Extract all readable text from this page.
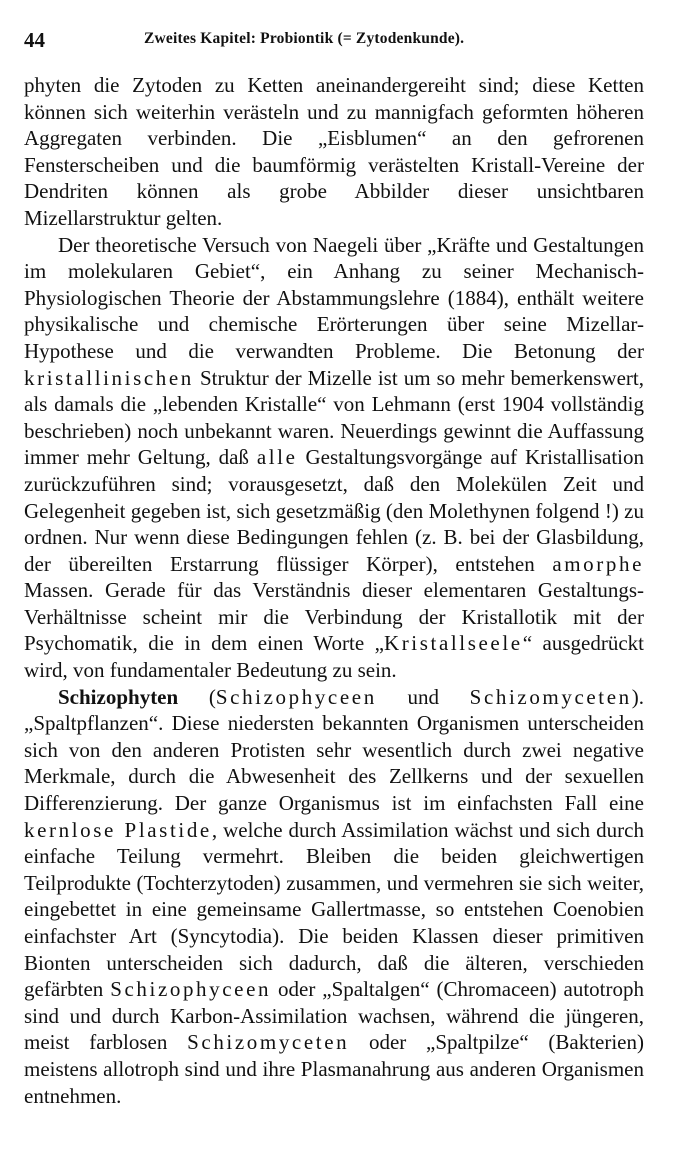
44	Zweites Kapitel: Probiontik (= Zytodenkunde).

phyten die Zytoden zu Ketten aneinandergereiht sind; diese Ketten können sich weiterhin verästeln und zu mannigfach geformten höheren Aggregaten verbinden. Die „Eisblumen“ an den gefrorenen Fensterscheiben und die baumförmig verästelten Kristall-Vereine der Dendriten können als grobe Abbilder dieser unsichtbaren Mizellarstruktur gelten.

Der theoretische Versuch von Naegeli über „Kräfte und Gestaltungen im molekularen Gebiet“, ein Anhang zu seiner Mechanisch-Physiologischen Theorie der Abstammungslehre (1884), enthält weitere physikalische und chemische Erörterungen über seine Mizellar-Hypothese und die verwandten Probleme. Die Betonung der kristallinischen Struktur der Mizelle ist um so mehr bemerkenswert, als damals die „lebenden Kristalle“ von Lehmann (erst 1904 vollständig beschrieben) noch unbekannt waren. Neuerdings gewinnt die Auffassung immer mehr Geltung, daß alle Gestaltungsvorgänge auf Kristallisation zurückzuführen sind; vorausgesetzt, daß den Molekülen Zeit und Gelegenheit gegeben ist, sich gesetzmäßig (den Molethynen folgend !) zu ordnen. Nur wenn diese Bedingungen fehlen (z. B. bei der Glasbildung, der übereilten Erstarrung flüssiger Körper), entstehen amorphe Massen. Gerade für das Verständnis dieser elementaren Gestaltungs-Verhältnisse scheint mir die Verbindung der Kristallotik mit der Psychomatik, die in dem einen Worte „Kristallseele“ ausgedrückt wird, von fundamentaler Bedeutung zu sein.

Schizophyten (Schizophyceen und Schizomyceten). „Spaltpflanzen“. Diese niedersten bekannten Organismen unterscheiden sich von den anderen Protisten sehr wesentlich durch zwei negative Merkmale, durch die Abwesenheit des Zellkerns und der sexuellen Differenzierung. Der ganze Organismus ist im einfachsten Fall eine kernlose Plastide, welche durch Assimilation wächst und sich durch einfache Teilung vermehrt. Bleiben die beiden gleichwertigen Teilprodukte (Tochterzytoden) zusammen, und vermehren sie sich weiter, eingebettet in eine gemeinsame Gallertmasse, so entstehen Coenobien einfachster Art (Syncytodia). Die beiden Klassen dieser primitiven Bionten unterscheiden sich dadurch, daß die älteren, verschieden gefärbten Schizophyceen oder „Spaltalgen“ (Chromaceen) autotroph sind und durch Karbon-Assimilation wachsen, während die jüngeren, meist farblosen Schizomyceten oder „Spaltpilze“ (Bakterien) meistens allotroph sind und ihre Plasmanahrung aus anderen Organismen entnehmen.
